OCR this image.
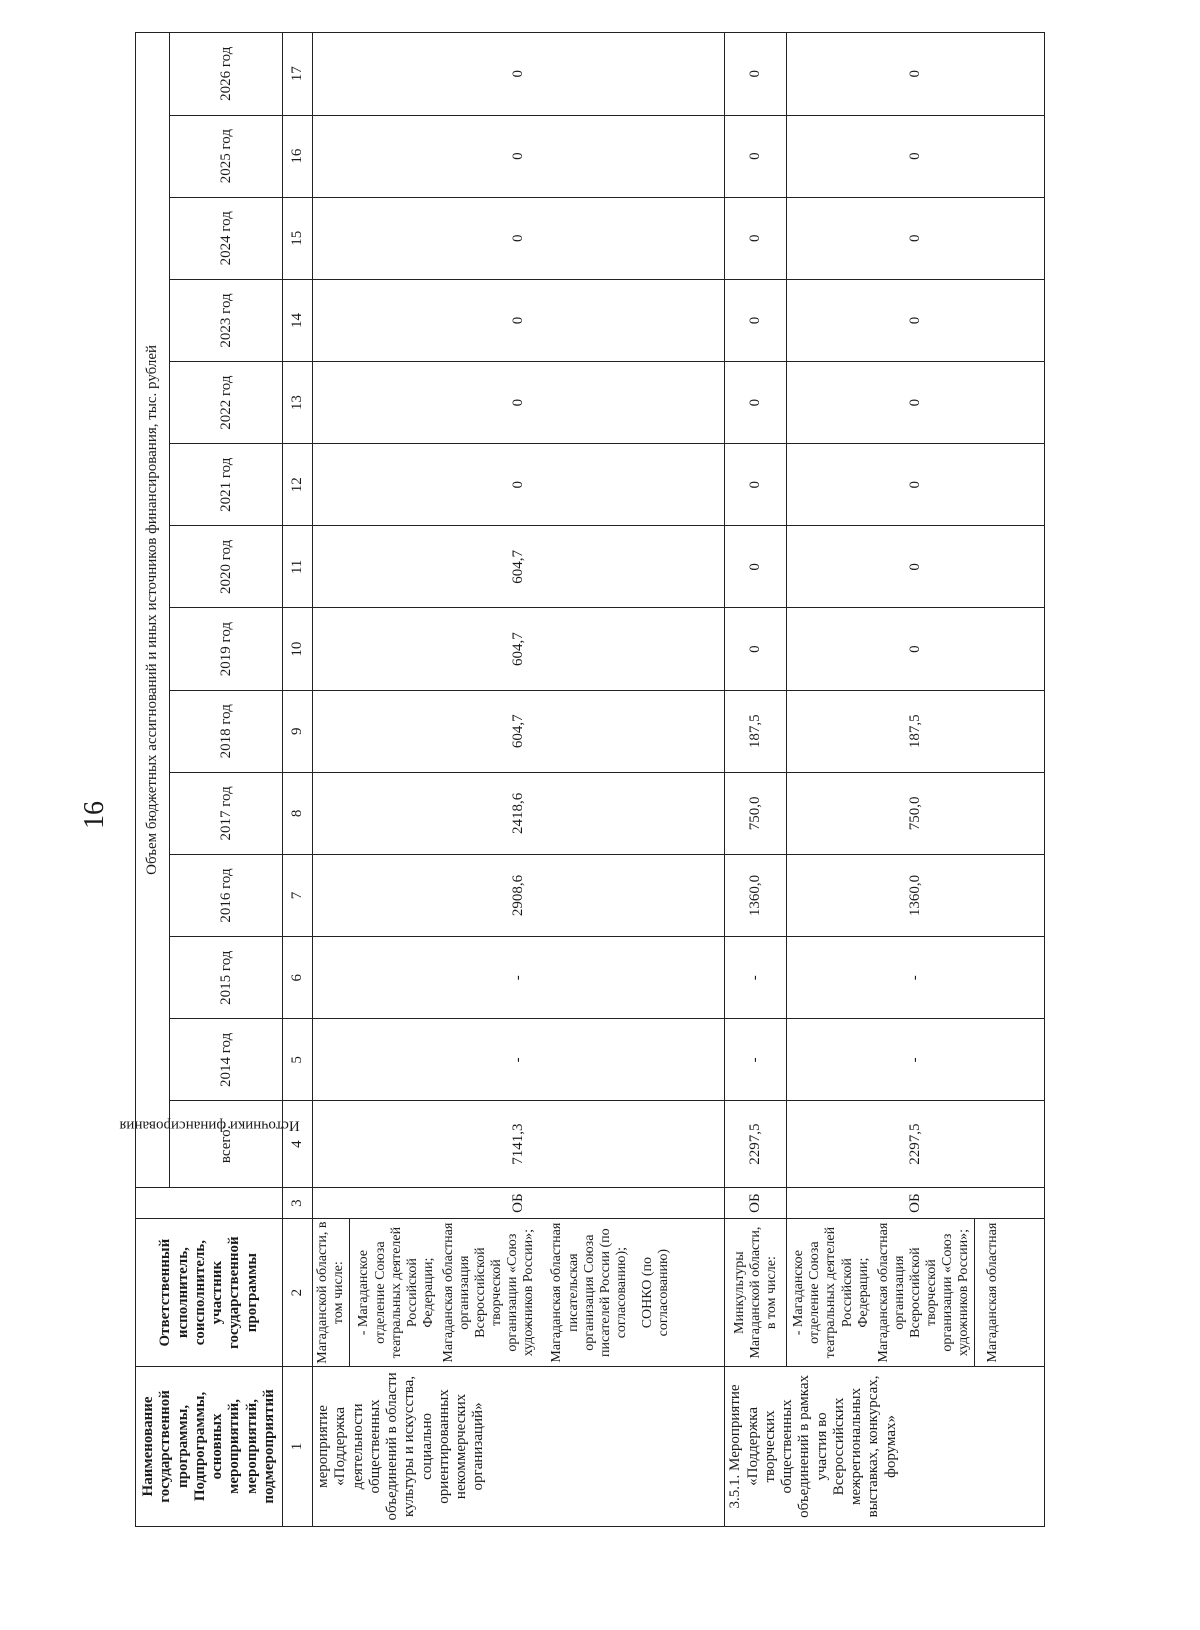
16
Наименование государственной программы, Подпрограммы, основных мероприятий, мероприятий, подмероприятий	Ответственный исполнитель, соисполнитель, участник государственной программы	Источники финансирования	Объем бюджетных ассигнований и иных источников финансирования, тыс. рублей													
			всего:	2014 год	2015 год	2016 год	2017 год	2018 год	2019 год	2020 год	2021 год	2022 год	2023 год	2024 год	2025 год	2026 год
1	2	3	4	5	6	7	8	9	10	11	12	13	14	15	16	17
мероприятие «Поддержка деятельности общественных объединений в области культуры и искусства, социально ориентированных некоммерческих организаций»	Магаданской области, в том числе: - Магаданское отделение Союза театральных деятелей Российской Федерации; Магаданская областная организация Всероссийской творческой организации «Союз художников России»; Магаданская областная писательская организация Союза писателей России (по согласованию); СОНКО (по согласованию)	ОБ	7141,3	-	-	2908,6	2418,6	604,7	604,7	604,7	0	0	0	0	0	0
3.5.1. Мероприятие «Поддержка творческих общественных объединений в рамках участия во Всероссийских межрегиональных выставках, конкурсах, форумах»	Минкультуры Магаданской области, в том числе:	ОБ	2297,5	-	-	1360,0	750,0	187,5	0	0	0	0	0	0	0	0

	- Магаданское отделение Союза театральных деятелей Российской Федерации; Магаданская областная организация Всероссийской творческой организации «Союз художников России»; Магаданская областная	ОБ	2297,5	-	-	1360,0	750,0	187,5	0	0	0	0	0	0	0	0
